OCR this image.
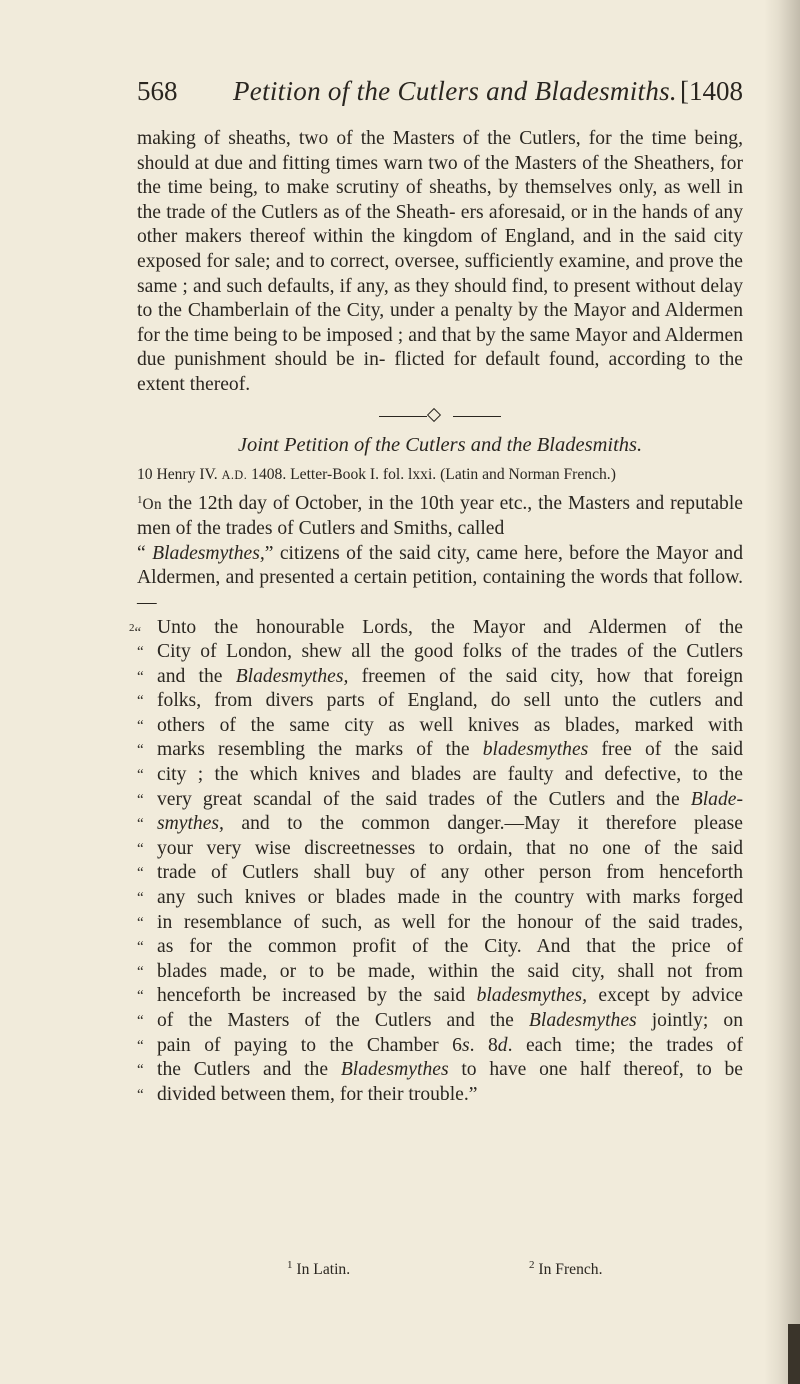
568 Petition of the Cutlers and Bladesmiths. [1408

making of sheaths, two of the Masters of the Cutlers, for the time being, should at due and fitting times warn two of the Masters of the Sheathers, for the time being, to make scrutiny of sheaths, by themselves only, as well in the trade of the Cutlers as of the Sheath- ers aforesaid, or in the hands of any other makers thereof within the kingdom of England, and in the said city exposed for sale; and to correct, oversee, sufficiently examine, and prove the same ; and such defaults, if any, as they should find, to present without delay to the Chamberlain of the City, under a penalty by the Mayor and Aldermen for the time being to be imposed ; and that by the same Mayor and Aldermen due punishment should be in- flicted for default found, according to the extent thereof.

Joint Petition of the Cutlers and the Bladesmiths.
10 Henry IV. A.D. 1408. Letter-Book I. fol. lxxi. (Latin and Norman French.)

$^1$On the 12th day of October, in the 10th year etc., the Masters and reputable men of the trades of Cutlers and Smiths, called
“ Bladesmythes,” citizens of the said city, came here, before the Mayor and Aldermen, and presented a certain petition, containing the words that follow.—

$^2$“ Unto the honourable Lords, the Mayor and Aldermen of the
“ City of London, shew all the good folks of the trades of the Cutlers
“ and the Bladesmythes, freemen of the said city, how that foreign
“ folks, from divers parts of England, do sell unto the cutlers and
“ others of the same city as well knives as blades, marked with
“ marks resembling the marks of the bladesmythes free of the said
“ city ; the which knives and blades are faulty and defective, to the
“ very great scandal of the said trades of the Cutlers and the Blade-
“ smythes, and to the common danger.—May it therefore please
“ your very wise discreetnesses to ordain, that no one of the said
“ trade of Cutlers shall buy of any other person from henceforth
“ any such knives or blades made in the country with marks forged
“ in resemblance of such, as well for the honour of the said trades,
“ as for the common profit of the City. And that the price of
“ blades made, or to be made, within the said city, shall not from
“ henceforth be increased by the said bladesmythes, except by advice
“ of the Masters of the Cutlers and the Bladesmythes jointly; on
“ pain of paying to the Chamber 6s. 8d. each time; the trades of
“ the Cutlers and the Bladesmythes to have one half thereof, to be
“ divided between them, for their trouble.”
$^1$ In Latin.	$^2$ In French.
